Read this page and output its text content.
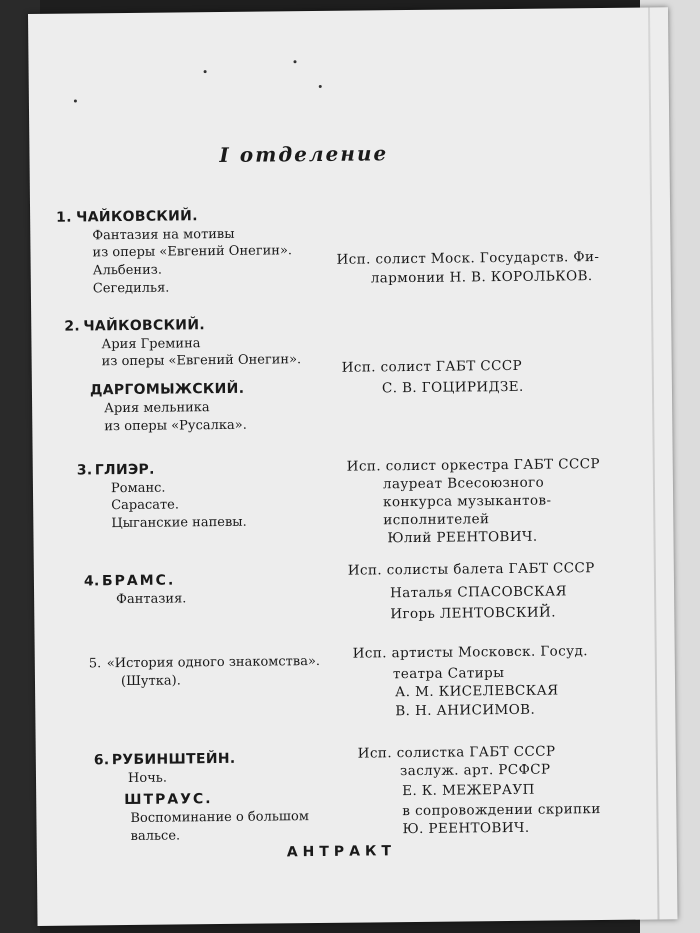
I отделение
1. ЧАЙКОВСКИЙ.
Фантазия на мотивы
из оперы «Евгений Онегин».
Альбениз.
Сегедилья.
Исп. солист Моск. Государств. Фи-
лармонии Н. В. КОРОЛЬКОВ.
2. ЧАЙКОВСКИЙ.
Ария Гремина
из оперы «Евгений Онегин».
ДАРГОМЫЖСКИЙ.
Ария мельника
из оперы «Русалка».
Исп. солист ГАБТ СССР
С. В. ГОЦИРИДЗЕ.
3. ГЛИЭР.
Романс.
Сарасате.
Цыганские напевы.
Исп. солист оркестра ГАБТ СССР
лауреат Всесоюзного
конкурса музыкантов-
исполнителей
Юлий РЕЕНТОВИЧ.
4. БРАМС.
Фантазия.
Исп. солисты балета ГАБТ СССР
Наталья СПАСОВСКАЯ
Игорь ЛЕНТОВСКИЙ.
5. «История одного знакомства».
(Шутка).
Исп. артисты Московск. Госуд.
театра Сатиры
А. М. КИСЕЛЕВСКАЯ
В. Н. АНИСИМОВ.
6. РУБИНШТЕЙН.
Ночь.
ШТРАУС.
Воспоминание о большом
вальсе.
Исп. солистка ГАБТ СССР
заслуж. арт. РСФСР
Е. К. МЕЖЕРАУП
в сопровождении скрипки
Ю. РЕЕНТОВИЧ.
АНТРАКТ
